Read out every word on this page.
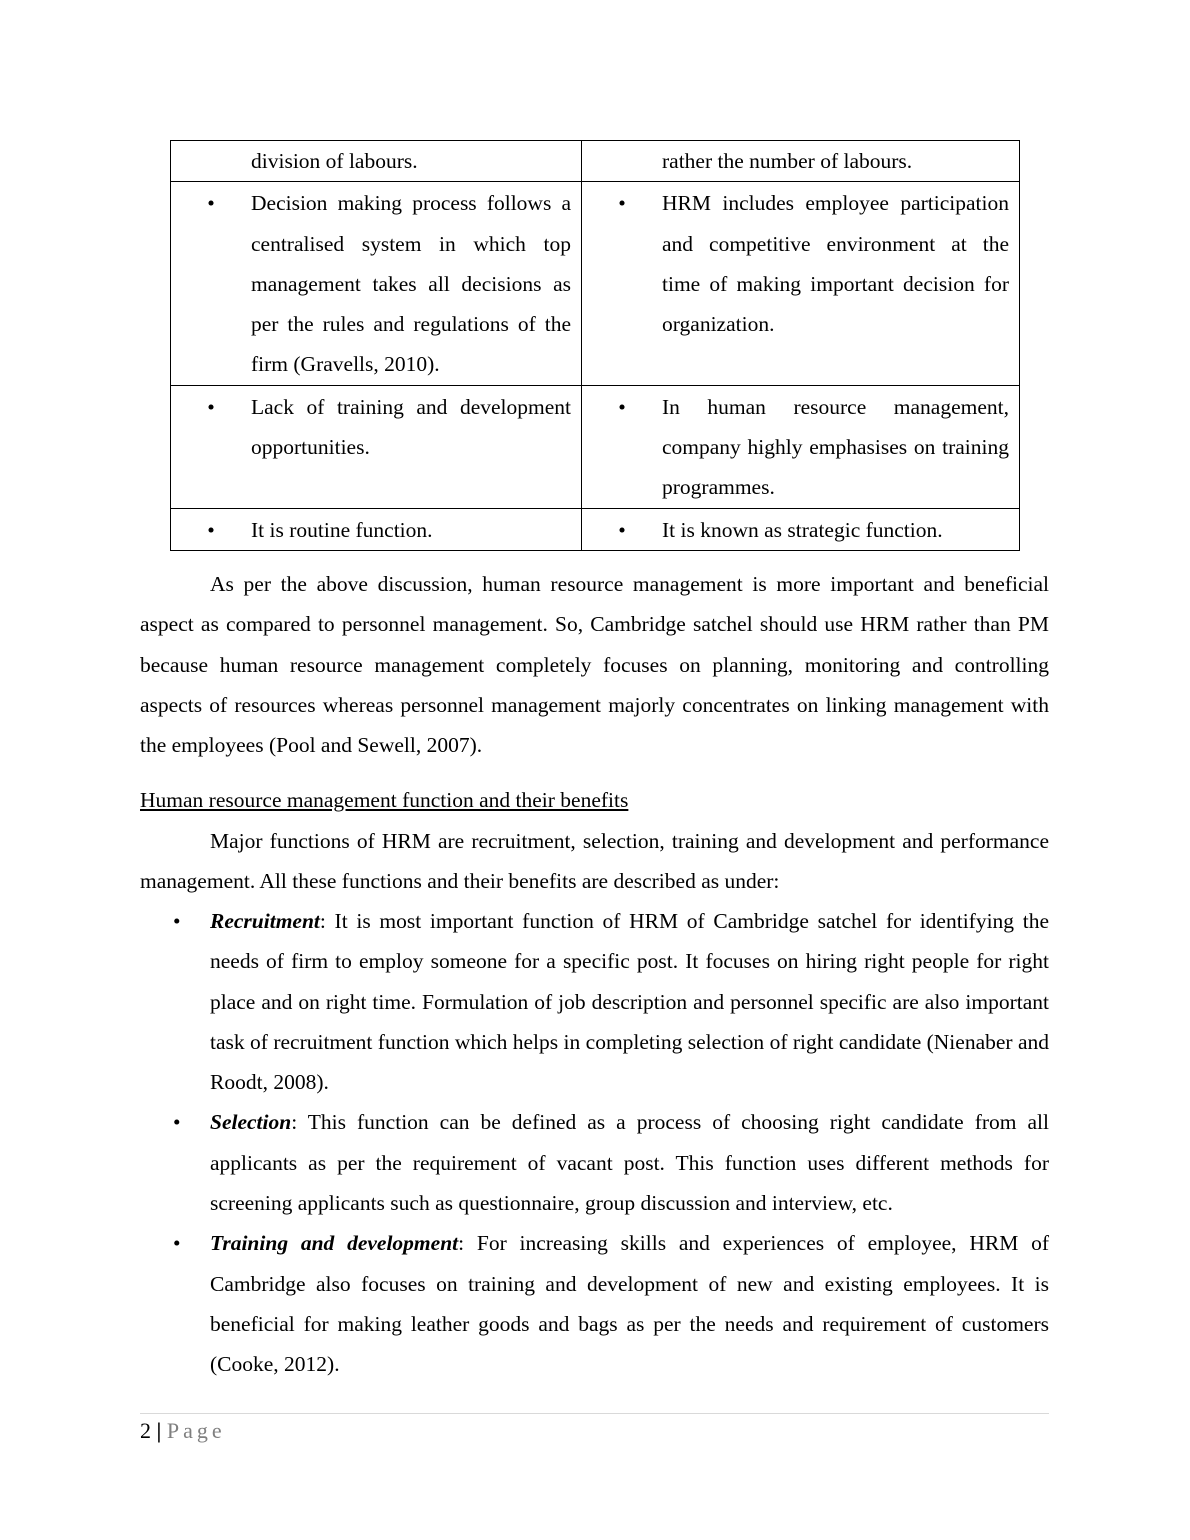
division of labours.	rather the number of labours.

• Decision making process follows a centralised system in which top management takes all decisions as per the rules and regulations of the firm (Gravells, 2010).	• HRM includes employee participation and competitive environment at the time of making important decision for organization.

• Lack of training and development opportunities.	• In human resource management, company highly emphasises on training programmes.

• It is routine function.	• It is known as strategic function.

As per the above discussion, human resource management is more important and beneficial aspect as compared to personnel management. So, Cambridge satchel should use HRM rather than PM because human resource management completely focuses on planning, monitoring and controlling aspects of resources whereas personnel management majorly concentrates on linking management with the employees (Pool and Sewell, 2007).

Human resource management function and their benefits

Major functions of HRM are recruitment, selection, training and development and performance management. All these functions and their benefits are described as under:

•	Recruitment: It is most important function of HRM of Cambridge satchel for identifying the needs of firm to employ someone for a specific post. It focuses on hiring right people for right place and on right time. Formulation of job description and personnel specific are also important task of recruitment function which helps in completing selection of right candidate (Nienaber and Roodt, 2008).
•	Selection: This function can be defined as a process of choosing right candidate from all applicants as per the requirement of vacant post. This function uses different methods for screening applicants such as questionnaire, group discussion and interview, etc.
•	Training and development: For increasing skills and experiences of employee, HRM of Cambridge also focuses on training and development of new and existing employees. It is beneficial for making leather goods and bags as per the needs and requirement of customers (Cooke, 2012).
2 | Page
